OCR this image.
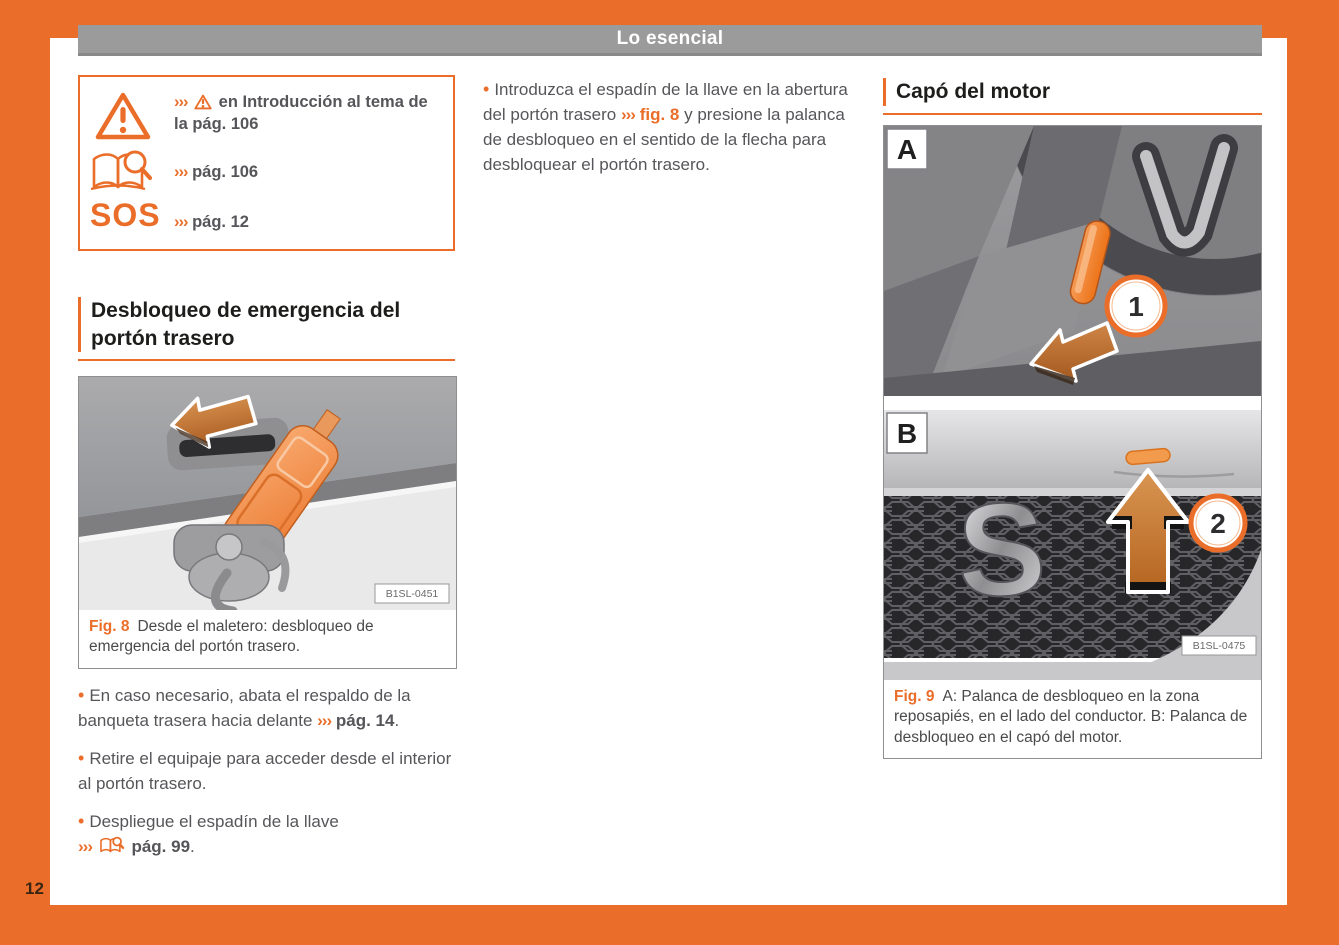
Lo esencial
››› en Introducción al tema de la pág. 106
››› pág. 106
SOS ››› pág. 12
Desbloqueo de emergencia del portón trasero
B1SL-0451
Fig. 8 Desde el maletero: desbloqueo de emergencia del portón trasero.
• En caso necesario, abata el respaldo de la banqueta trasera hacia delante ››› pág. 14.
• Retire el equipaje para acceder desde el interior al portón trasero.
• Despliegue el espadín de la llave
››› pág. 99.
• Introduzca el espadín de la llave en la abertura del portón trasero ››› fig. 8 y presione la palanca de desbloqueo en el sentido de la flecha para desbloquear el portón trasero.
Capó del motor
1
A
S	2
B
B1SL-0475
Fig. 9 A: Palanca de desbloqueo en la zona reposapiés, en el lado del conductor. B: Palanca de desbloqueo en el capó del motor.
12
